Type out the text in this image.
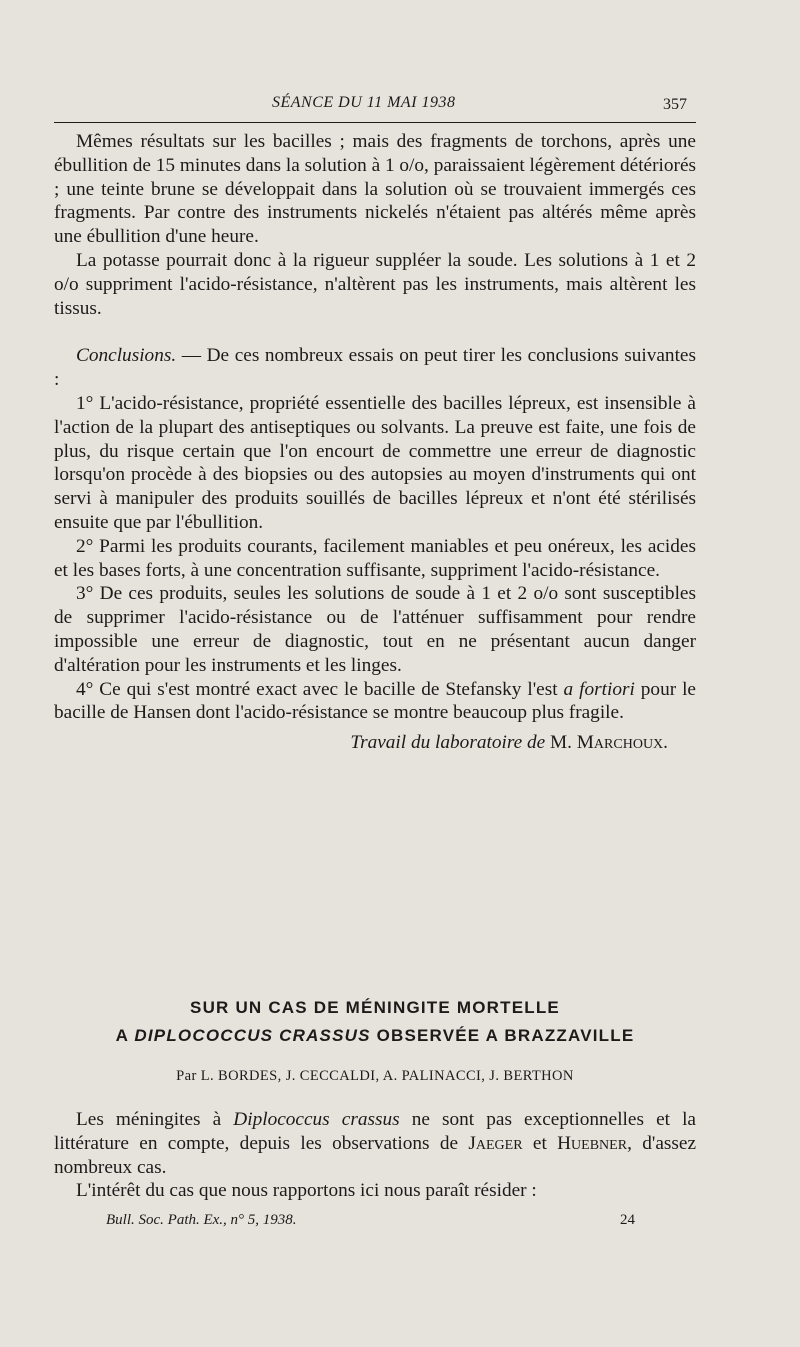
SÉANCE DU 11 MAI 1938	357

Mêmes résultats sur les bacilles ; mais des fragments de torchons, après une ébullition de 15 minutes dans la solution à 1 o/o, paraissaient légèrement détériorés ; une teinte brune se développait dans la solution où se trouvaient immergés ces fragments. Par contre des instruments nickelés n'étaient pas altérés même après une ébullition d'une heure.

La potasse pourrait donc à la rigueur suppléer la soude. Les solutions à 1 et 2 o/o suppriment l'acido-résistance, n'altèrent pas les instruments, mais altèrent les tissus.

Conclusions. — De ces nombreux essais on peut tirer les conclusions suivantes :

1° L'acido-résistance, propriété essentielle des bacilles lépreux, est insensible à l'action de la plupart des antiseptiques ou solvants. La preuve est faite, une fois de plus, du risque certain que l'on encourt de commettre une erreur de diagnostic lorsqu'on procède à des biopsies ou des autopsies au moyen d'instruments qui ont servi à manipuler des produits souillés de bacilles lépreux et n'ont été stérilisés ensuite que par l'ébullition.

2° Parmi les produits courants, facilement maniables et peu onéreux, les acides et les bases forts, à une concentration suffisante, suppriment l'acido-résistance.

3° De ces produits, seules les solutions de soude à 1 et 2 o/o sont susceptibles de supprimer l'acido-résistance ou de l'atténuer suffisamment pour rendre impossible une erreur de diagnostic, tout en ne présentant aucun danger d'altération pour les instruments et les linges.

4° Ce qui s'est montré exact avec le bacille de Stefansky l'est a fortiori pour le bacille de Hansen dont l'acido-résistance se montre beaucoup plus fragile.

Travail du laboratoire de M. Marchoux.

SUR UN CAS DE MÉNINGITE MORTELLE

A DIPLOCOCCUS CRASSUS OBSERVÉE A BRAZZAVILLE

Par L. BORDES, J. CECCALDI, A. PALINACCI, J. BERTHON

Les méningites à Diplococcus crassus ne sont pas exceptionnelles et la littérature en compte, depuis les observations de Jaeger et Huebner, d'assez nombreux cas.

L'intérêt du cas que nous rapportons ici nous paraît résider :

Bull. Soc. Path. Ex., n° 5, 1938.	24
